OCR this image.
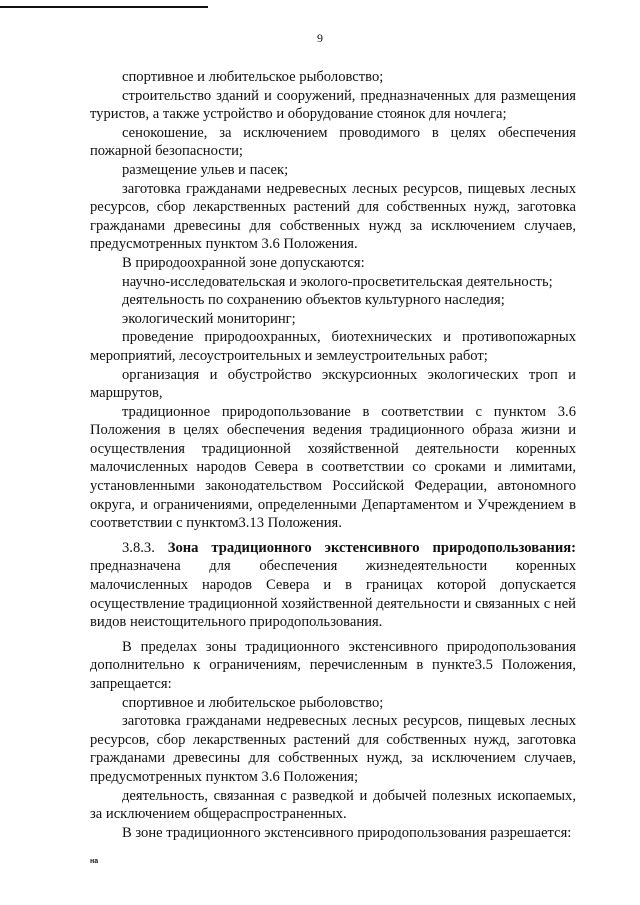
9

спортивное и любительское рыболовство;

строительство зданий и сооружений, предназначенных для размещения туристов, а также устройство и оборудование стоянок для ночлега;

сенокошение, за исключением проводимого в целях обеспечения пожарной безопасности;

размещение ульев и пасек;

заготовка гражданами недревесных лесных ресурсов, пищевых лесных ресурсов, сбор лекарственных растений для собственных нужд, заготовка гражданами древесины для собственных нужд за исключением случаев, предусмотренных пунктом 3.6 Положения.

В природоохранной зоне допускаются:

научно-исследовательская и эколого-просветительская деятельность;

деятельность по сохранению объектов культурного наследия;

экологический мониторинг;

проведение природоохранных, биотехнических и противопожарных мероприятий, лесоустроительных и землеустроительных работ;

организация и обустройство экскурсионных экологических троп и маршрутов,

традиционное природопользование в соответствии с пунктом 3.6 Положения в целях обеспечения ведения традиционного образа жизни и осуществления традиционной хозяйственной деятельности коренных малочисленных народов Севера в соответствии со сроками и лимитами, установленными законодательством Российской Федерации, автономного округа, и ограничениями, определенными Департаментом и Учреждением в соответствии с пунктом3.13 Положения.

3.8.3. Зона традиционного экстенсивного природопользования: предназначена для обеспечения жизнедеятельности коренных малочисленных народов Севера и в границах которой допускается осуществление традиционной хозяйственной деятельности и связанных с ней видов неистощительного природопользования.

В пределах зоны традиционного экстенсивного природопользования дополнительно к ограничениям, перечисленным в пункте3.5 Положения, запрещается:

спортивное и любительское рыболовство;

заготовка гражданами недревесных лесных ресурсов, пищевых лесных ресурсов, сбор лекарственных растений для собственных нужд, заготовка гражданами древесины для собственных нужд, за исключением случаев, предусмотренных пунктом 3.6 Положения;

деятельность, связанная с разведкой и добычей полезных ископаемых, за исключением общераспространенных.

В зоне традиционного экстенсивного природопользования разрешается:

на
